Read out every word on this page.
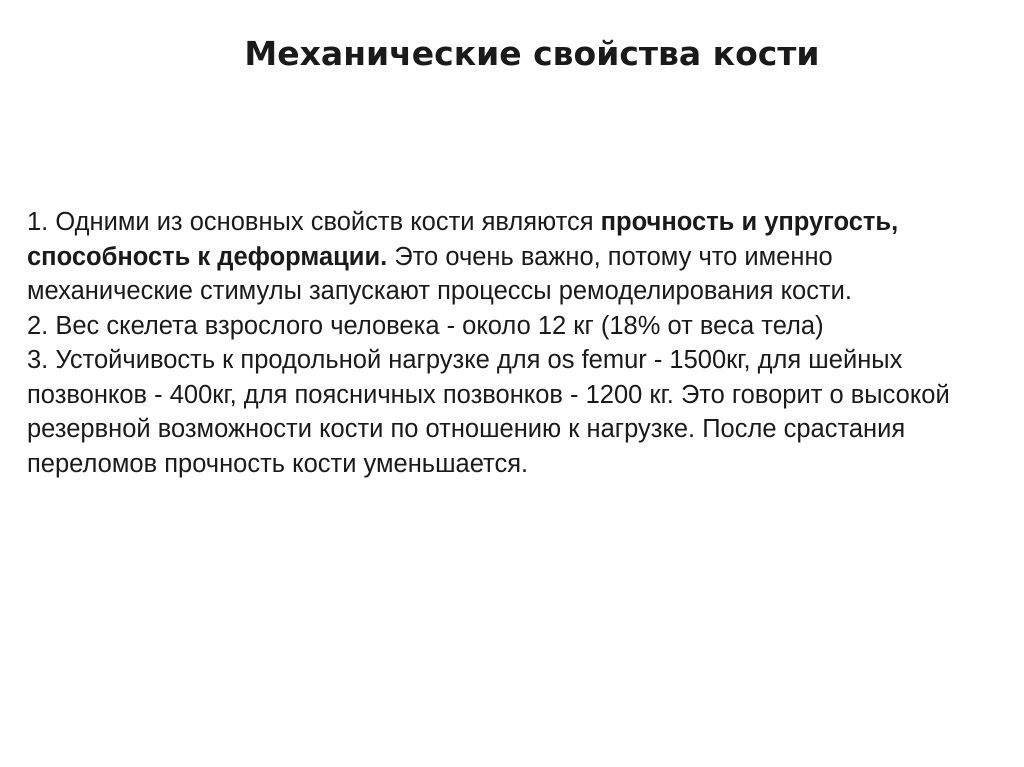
Механические свойства кости

1. Одними из основных свойств кости являются прочность и упругость, способность к деформации. Это очень важно, потому что именно механические стимулы запускают процессы ремоделирования кости.

2. Вес скелета взрослого человека - около 12 кг (18% от веса тела)

3. Устойчивость к продольной нагрузке для os femur - 1500кг, для шейных позвонков - 400кг, для поясничных позвонков - 1200 кг. Это говорит о высокой резервной возможности кости по отношению к нагрузке. После срастания переломов прочность кости уменьшается.
